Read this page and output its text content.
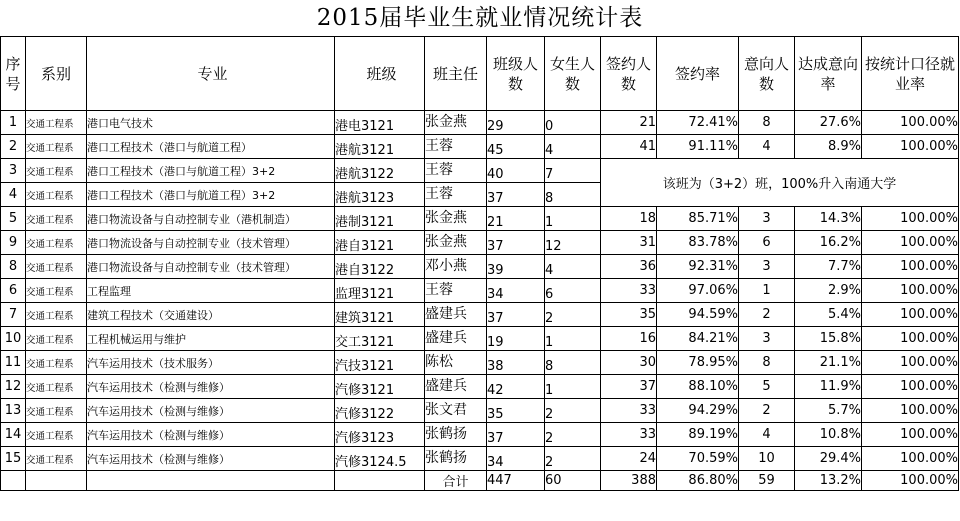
2015届毕业生就业情况统计表
序号	系别	专业	班级	班主任	班级人数	女生人数	签约人数	签约率	意向人数	达成意向率	按统计口径就业率
1	交通工程系	港口电气技术	港电3121	张金燕	29	0	21	72.41%	8	27.6%	100.00%
2	交通工程系	港口工程技术（港口与航道工程）	港航3121	王蓉	45	4	41	91.11%	4	8.9%	100.00%
3	交通工程系	港口工程技术（港口与航道工程）3+2	港航3122	王蓉	40	7	该班为（3+2）班，100%升入南通大学				
4	交通工程系	港口工程技术（港口与航道工程）3+2	港航3123	王蓉	37	8					
5	交通工程系	港口物流设备与自动控制专业（港机制造）	港制3121	张金燕	21	1	18	85.71%	3	14.3%	100.00%
9	交通工程系	港口物流设备与自动控制专业（技术管理）	港自3121	张金燕	37	12	31	83.78%	6	16.2%	100.00%
8	交通工程系	港口物流设备与自动控制专业（技术管理）	港自3122	邓小燕	39	4	36	92.31%	3	7.7%	100.00%
6	交通工程系	工程监理	监理3121	王蓉	34	6	33	97.06%	1	2.9%	100.00%
7	交通工程系	建筑工程技术（交通建设）	建筑3121	盛建兵	37	2	35	94.59%	2	5.4%	100.00%
10	交通工程系	工程机械运用与维护	交工3121	盛建兵	19	1	16	84.21%	3	15.8%	100.00%
11	交通工程系	汽车运用技术（技术服务）	汽技3121	陈松	38	8	30	78.95%	8	21.1%	100.00%
12	交通工程系	汽车运用技术（检测与维修）	汽修3121	盛建兵	42	1	37	88.10%	5	11.9%	100.00%
13	交通工程系	汽车运用技术（检测与维修）	汽修3122	张文君	35	2	33	94.29%	2	5.7%	100.00%
14	交通工程系	汽车运用技术（检测与维修）	汽修3123	张鹤扬	37	2	33	89.19%	4	10.8%	100.00%
15	交通工程系	汽车运用技术（检测与维修）	汽修3124.5	张鹤扬	34	2	24	70.59%	10	29.4%	100.00%
				合计	447	60	388	86.80%	59	13.2%	100.00%
